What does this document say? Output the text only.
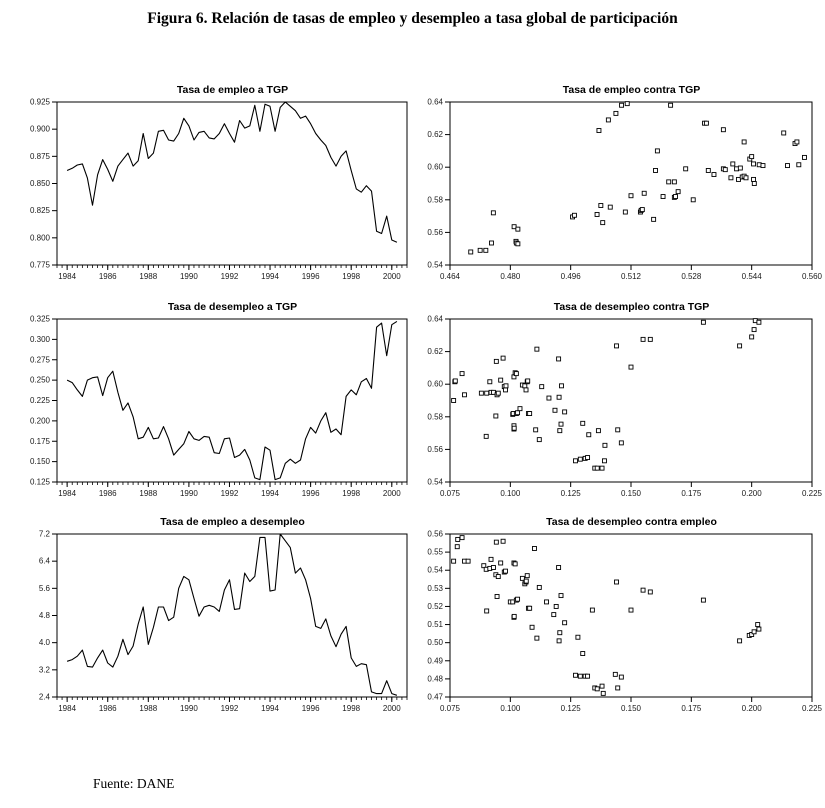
Figura 6. Relación de tasas de empleo y desempleo a tasa global de participación
Tasa de empleo a TGP
0.775
0.800
0.825
0.850
0.875
0.900
0.925
1984	1986	1988	1990	1992	1994	1996	1998	2000
Tasa de empleo contra TGP
0.54
0.56
0.58
0.60
0.62
0.64
0.464	0.480	0.496	0.512	0.528	0.544	0.560
Tasa de desempleo a TGP
0.125
0.150
0.175
0.200
0.225
0.250
0.275
0.300
0.325
1984	1986	1988	1990	1992	1994	1996	1998	2000
Tasa de desempleo contra TGP
0.54
0.56
0.58
0.60
0.62
0.64
0.075	0.100	0.125	0.150	0.175	0.200	0.225
Tasa de empleo a desempleo
2.4
3.2
4.0
4.8
5.6
6.4
7.2
1984	1986	1988	1990	1992	1994	1996	1998	2000
Tasa de desempleo contra empleo
0.47
0.48
0.49
0.50
0.51
0.52
0.53
0.54
0.55
0.56
0.075	0.100	0.125	0.150	0.175	0.200	0.225
Fuente: DANE
